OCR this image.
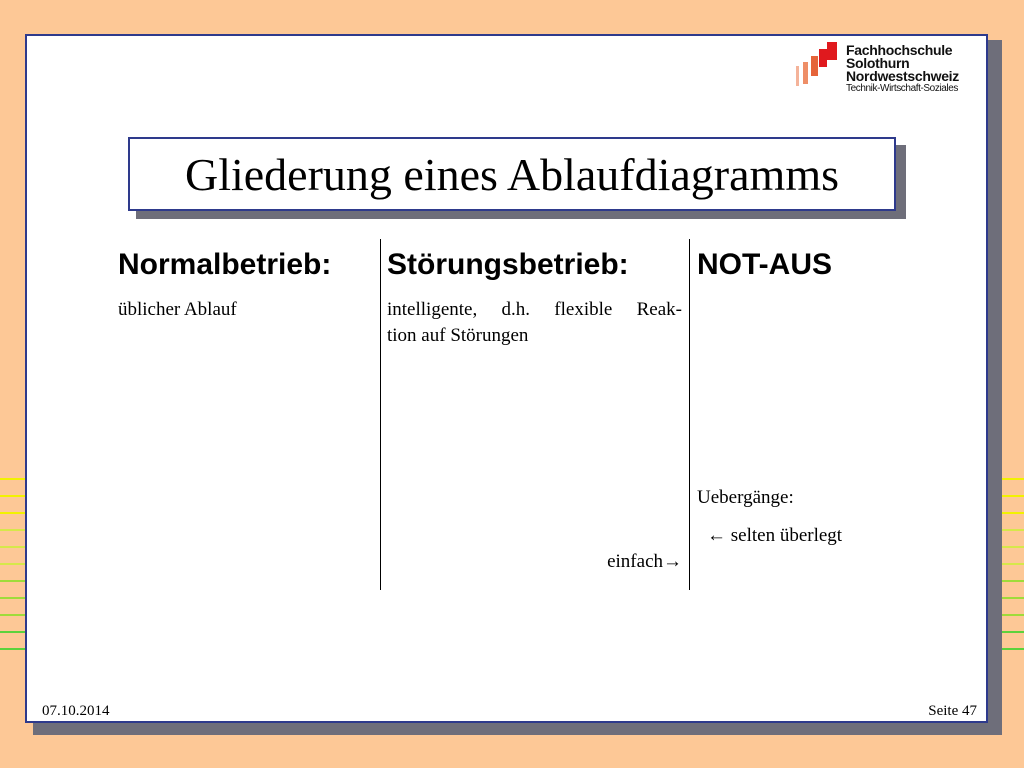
Fachhochschule
Solothurn
Nordwestschweiz
Technik-Wirtschaft-Soziales
Gliederung eines Ablaufdiagramms
Normalbetrieb:
üblicher Ablauf
Störungsbetrieb:
intelligente, d.h. flexible Reak-
tion auf Störungen
einfach→
NOT-AUS
Uebergänge:
← selten überlegt
07.10.2014	Seite 47
